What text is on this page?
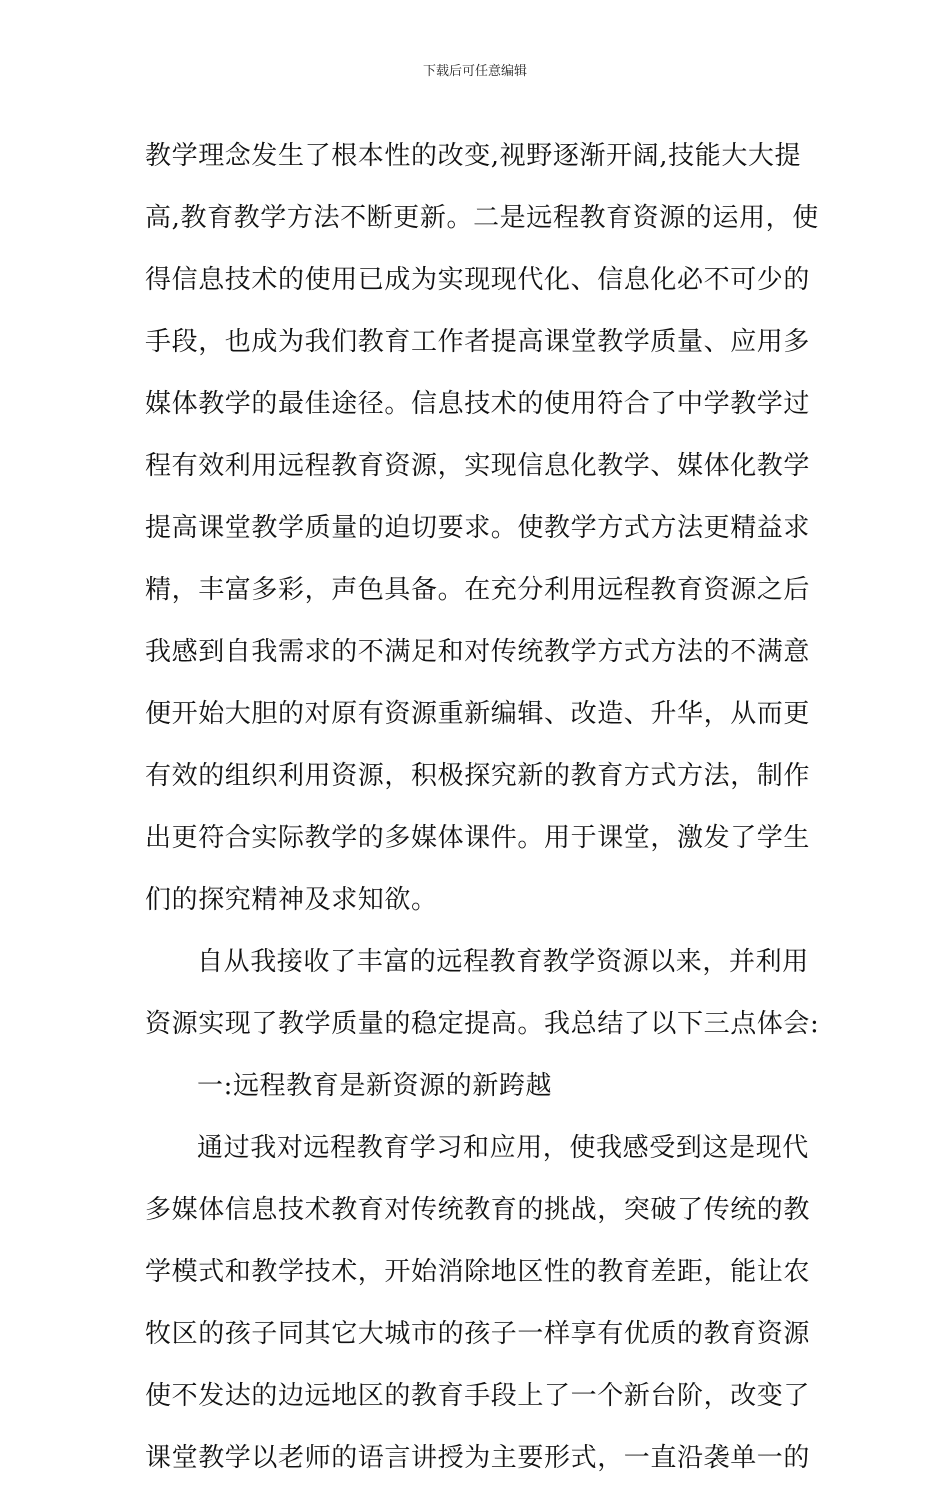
下载后可任意编辑
教学理念发生了根本性的改变,视野逐渐开阔,技能大大提
高,教育教学方法不断更新。二是远程教育资源的运用，使
得信息技术的使用已成为实现现代化、信息化必不可少的
手段，也成为我们教育工作者提高课堂教学质量、应用多
媒体教学的最佳途径。信息技术的使用符合了中学教学过
程有效利用远程教育资源，实现信息化教学、媒体化教学
提高课堂教学质量的迫切要求。使教学方式方法更精益求
精，丰富多彩，声色具备。在充分利用远程教育资源之后
我感到自我需求的不满足和对传统教学方式方法的不满意
便开始大胆的对原有资源重新编辑、改造、升华，从而更
有效的组织利用资源，积极探究新的教育方式方法，制作
出更符合实际教学的多媒体课件。用于课堂，激发了学生
们的探究精神及求知欲。
自从我接收了丰富的远程教育教学资源以来，并利用
资源实现了教学质量的稳定提高。我总结了以下三点体会:
一:远程教育是新资源的新跨越
通过我对远程教育学习和应用，使我感受到这是现代
多媒体信息技术教育对传统教育的挑战，突破了传统的教
学模式和教学技术，开始消除地区性的教育差距，能让农
牧区的孩子同其它大城市的孩子一样享有优质的教育资源
使不发达的边远地区的教育手段上了一个新台阶，改变了
课堂教学以老师的语言讲授为主要形式，一直沿袭单一的
